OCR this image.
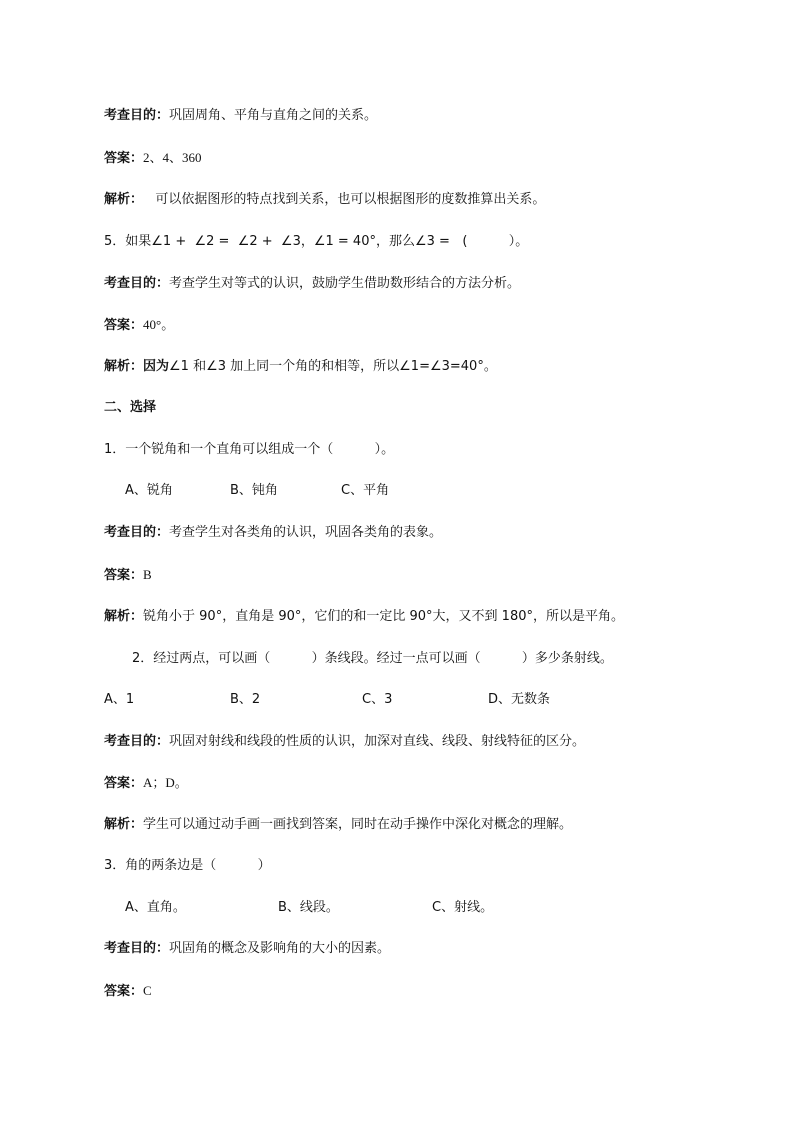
考查目的：巩固周角、平角与直角之间的关系。
答案：2、4、360
解析：   可以依据图形的特点找到关系，也可以根据图形的度数推算出关系。
5．如果∠1 +  ∠2 =  ∠2 +  ∠3，∠1 = 40°，那么∠3 =   (          ）。
考查目的：考查学生对等式的认识，鼓励学生借助数形结合的方法分析。
答案：40°。
解析：因为∠1 和∠3 加上同一个角的和相等，所以∠1=∠3=40°。
二、选择
1．一个锐角和一个直角可以组成一个（          ）。
A、锐角	B、钝角	C、平角
考查目的：考查学生对各类角的认识，巩固各类角的表象。
答案：B
解析：锐角小于 90°，直角是 90°，它们的和一定比 90°大，又不到 180°，所以是平角。
2．经过两点，可以画（          ）条线段。经过一点可以画（          ）多少条射线。
A、1	B、2	C、3	D、无数条
考查目的：巩固对射线和线段的性质的认识，加深对直线、线段、射线特征的区分。
答案：A；D。
解析：学生可以通过动手画一画找到答案，同时在动手操作中深化对概念的理解。
3．角的两条边是（          ）
A、直角。	B、线段。	C、射线。
考查目的：巩固角的概念及影响角的大小的因素。
答案：C
